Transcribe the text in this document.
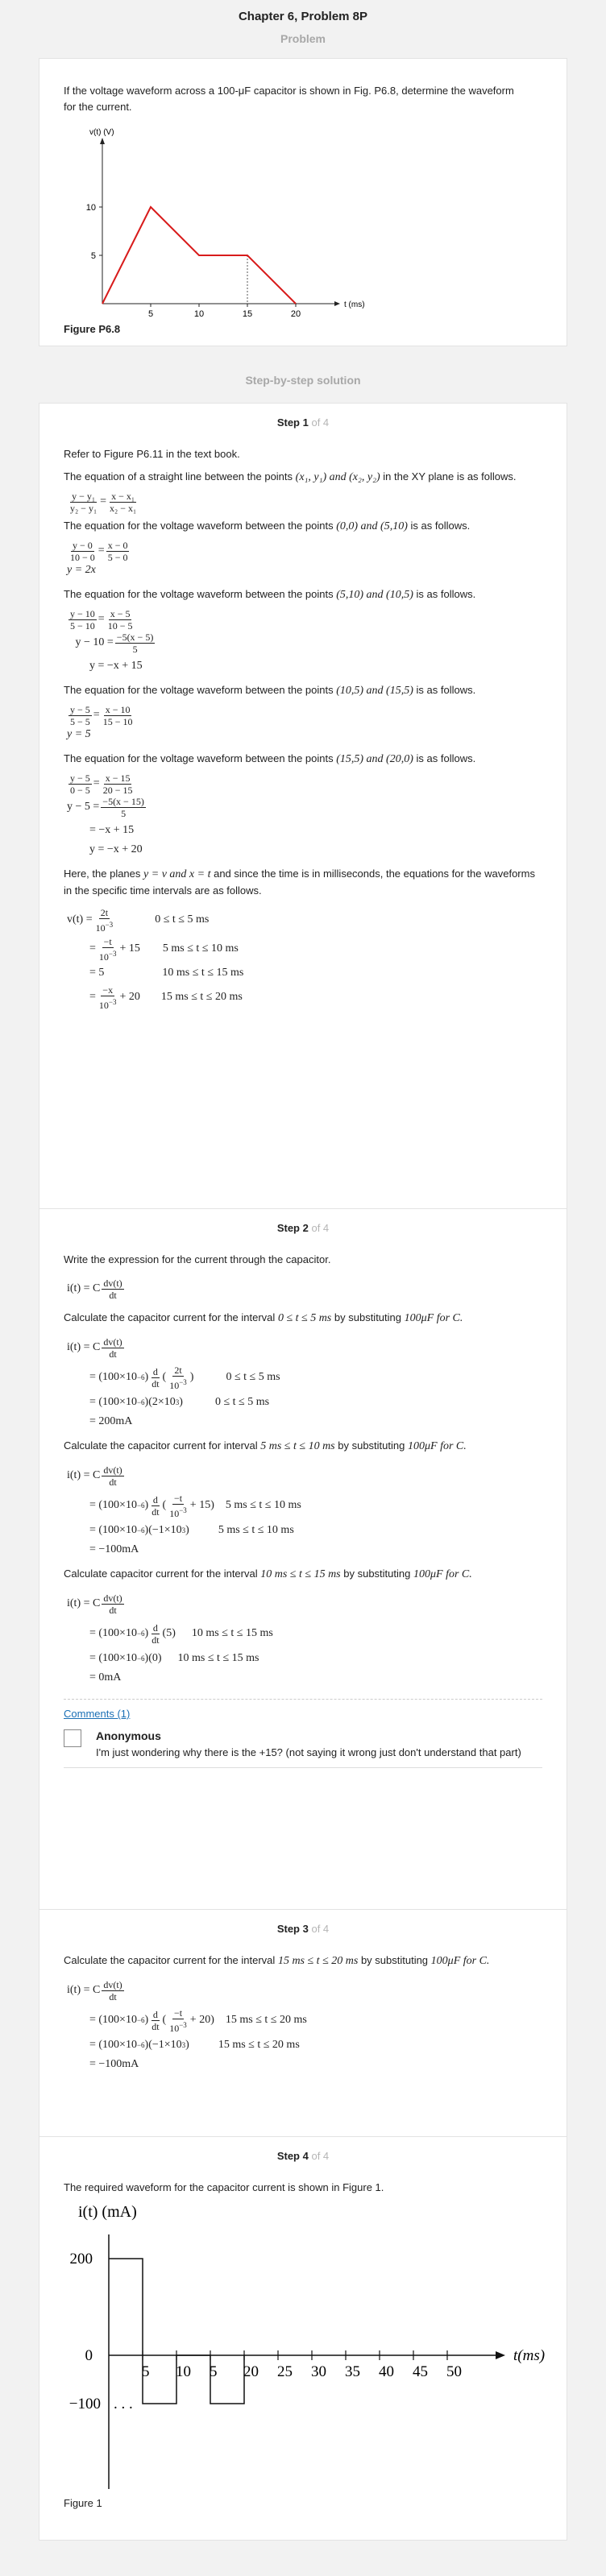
Chapter 6, Problem 8P
Problem
If the voltage waveform across a 100-μF capacitor is shown in Fig. P6.8, determine the waveform for the current.
v(t) (V)
t (ms)
10
5
5	10	15	20
Figure P6.8
Step-by-step solution
Step 1 of 4

Refer to Figure P6.11 in the text book.

The equation of a straight line between the points (x₁, y₁) and (x₂, y₂) in the XY plane is as follows.

$\frac{\text{y − y₁}}{\text{y₂ − y₁}} = \frac{\text{x − x₁}}{\text{x₂ − x₁}}$

The equation for the voltage waveform between the points (0,0) and (5,10) is as follows.

$\frac{y - 0}{10 - 0} = \frac{x - 0}{5 - 0}$
y = 2x

The equation for the voltage waveform between the points (5,10) and (10,5) is as follows.

$\frac{y - 10}{5 - 10} = \frac{x - 5}{10 - 5}$
$y - 10 = \frac{-5(x - 5)}{5}$
y = −x + 15

The equation for the voltage waveform between the points (10,5) and (15,5) is as follows.

$\frac{y - 5}{5 - 5} = \frac{x - 10}{15 - 10}$
y = 5

The equation for the voltage waveform between the points (15,5) and (20,0) is as follows.

$\frac{y - 5}{0 - 5} = \frac{x - 15}{20 - 15}$
$y - 5 = \frac{-5(x - 15)}{5}$
= −x + 15
y = −x + 20

Here, the planes y = v and x = t and since the time is in milliseconds, the equations for the waveforms in the specific time intervals are as follows.

$v(t) = \frac{2t}{10^{-3}}$	0 ≤ t ≤ 5 ms
= $\frac{-t}{10^{-3}} + 15$ 5 ms ≤ t ≤ 10 ms
= 5	10 ms ≤ t ≤ 15 ms
= $\frac{-x}{10^{-3}} + 20$ 15 ms ≤ t ≤ 20 ms
Step 2 of 4

Write the expression for the current through the capacitor.

i(t) = C $\frac{dv(t)}{dt}$

Calculate the capacitor current for the interval 0 ≤ t ≤ 5 ms by substituting 100μF for C.

i(t) = C $\frac{dv(t)}{dt}$
= (100×10 −6 ) $\frac{d}{dt}$ ( $\frac{2t}{10^{-3}}$ )	0 ≤ t ≤ 5 ms
= (100×10 −6 )(2×10 3 )	0 ≤ t ≤ 5 ms
= 200mA

Calculate the capacitor current for interval 5 ms ≤ t ≤ 10 ms by substituting 100μF for C.

i(t) = C $\frac{dv(t)}{dt}$
= (100×10 −6 ) $\frac{d}{dt}$ ( $\frac{-t}{10^{-3}} + 15$) 5 ms ≤ t ≤ 10 ms
= (100×10 −6 )(−1×10 3 )	5 ms ≤ t ≤ 10 ms
= −100mA

Calculate capacitor current for the interval 10 ms ≤ t ≤ 15 ms by substituting 100μF for C.

i(t) = C $\frac{dv(t)}{dt}$
= (100×10 −6 ) $\frac{d}{dt} (5)$ 10 ms ≤ t ≤ 15 ms
= (100×10 −6 )(0) 10 ms ≤ t ≤ 15 ms
= 0mA
Comments (1)
Anonymous
I'm just wondering why there is the +15? (not saying it wrong just don't understand that part)
Step 3 of 4

Calculate the capacitor current for the interval 15 ms ≤ t ≤ 20 ms by substituting 100μF for C.

i(t) = C $\frac{dv(t)}{dt}$
= (100×10 −6 ) $\frac{d}{dt}$ ( $\frac{-t}{10^{-3}} + 20$) 15 ms ≤ t ≤ 20 ms
= (100×10 −6 )(−1×10 3 )	15 ms ≤ t ≤ 20 ms
= −100mA
Step 4 of 4

The required waveform for the capacitor current is shown in Figure 1.

i(t) (mA)
t(ms)
200
0
−100 . . .
5 10 5 20 25 30 35 40 45 50
Figure 1
